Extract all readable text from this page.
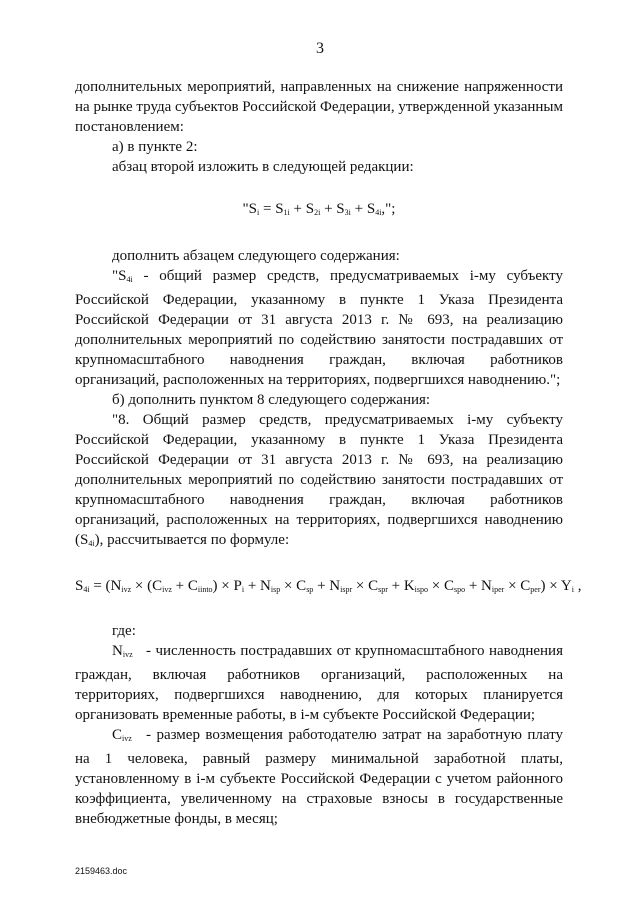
3

дополнительных мероприятий, направленных на снижение напряженности на рынке труда субъектов Российской Федерации, утвержденной указанным постановлением:

а) в пункте 2:

абзац второй изложить в следующей редакции:

"$S_i = S_{1i} + S_{2i} + S_{3i} + S_{4i}$,";

дополнить абзацем следующего содержания:

"$S_{4i}$ - общий размер средств, предусматриваемых i-му субъекту Российской Федерации, указанному в пункте 1 Указа Президента Российской Федерации от 31 августа 2013 г. № 693, на реализацию дополнительных мероприятий по содействию занятости пострадавших от крупномасштабного наводнения граждан, включая работников организаций, расположенных на территориях, подвергшихся наводнению.";

б) дополнить пунктом 8 следующего содержания:

"8. Общий размер средств, предусматриваемых i-му субъекту Российской Федерации, указанному в пункте 1 Указа Президента Российской Федерации от 31 августа 2013 г. № 693, на реализацию дополнительных мероприятий по содействию занятости пострадавших от крупномасштабного наводнения граждан, включая работников организаций, расположенных на территориях, подвергшихся наводнению $(S_{4i})$, рассчитывается по формуле:

$S_{4i} = (N_{ivz} \times (C_{ivz} + C_{iinto}) \times P_i + N_{isp} \times C_{sp} + N_{ispr} \times C_{spr} + K_{ispo} \times C_{spo} + N_{iper} \times C_{per}) \times Y_i$ ,

где:

$N_{ivz}$ - численность пострадавших от крупномасштабного наводнения граждан, включая работников организаций, расположенных на территориях, подвергшихся наводнению, для которых планируется организовать временные работы, в i-м субъекте Российской Федерации;

$C_{ivz}$ - размер возмещения работодателю затрат на заработную плату на 1 человека, равный размеру минимальной заработной платы, установленному в i-м субъекте Российской Федерации с учетом районного коэффициента, увеличенному на страховые взносы в государственные внебюджетные фонды, в месяц;

2159463.doc
